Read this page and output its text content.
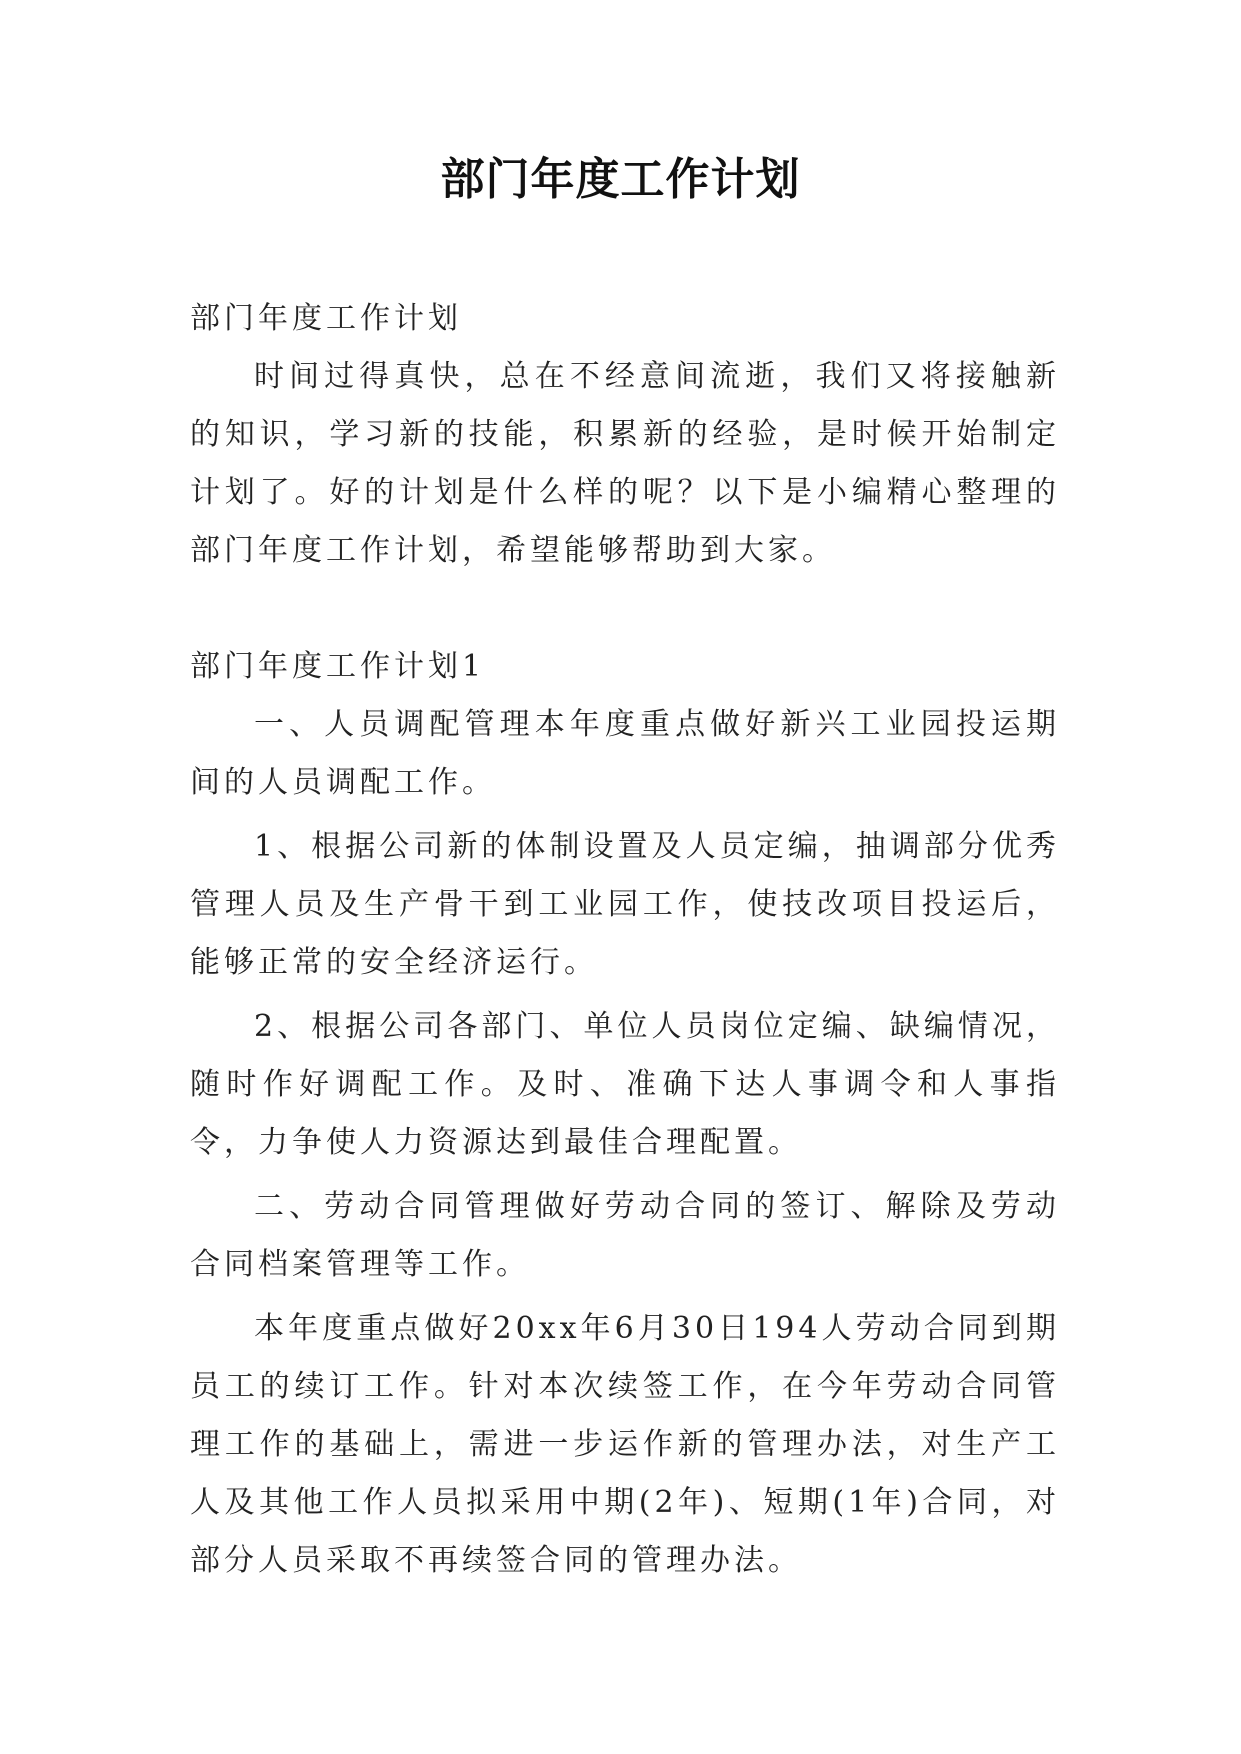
部门年度工作计划

部门年度工作计划

时间过得真快，总在不经意间流逝，我们又将接触新的知识，学习新的技能，积累新的经验，是时候开始制定计划了。好的计划是什么样的呢？以下是小编精心整理的部门年度工作计划，希望能够帮助到大家。

部门年度工作计划1

一、人员调配管理本年度重点做好新兴工业园投运期间的人员调配工作。

1、根据公司新的体制设置及人员定编，抽调部分优秀管理人员及生产骨干到工业园工作，使技改项目投运后，能够正常的安全经济运行。

2、根据公司各部门、单位人员岗位定编、缺编情况，随时作好调配工作。及时、准确下达人事调令和人事指令，力争使人力资源达到最佳合理配置。

二、劳动合同管理做好劳动合同的签订、解除及劳动合同档案管理等工作。

本年度重点做好20xx年6月30日194人劳动合同到期员工的续订工作。针对本次续签工作，在今年劳动合同管理工作的基础上，需进一步运作新的管理办法，对生产工人及其他工作人员拟采用中期(2年)、短期(1年)合同，对部分人员采取不再续签合同的管理办法。
